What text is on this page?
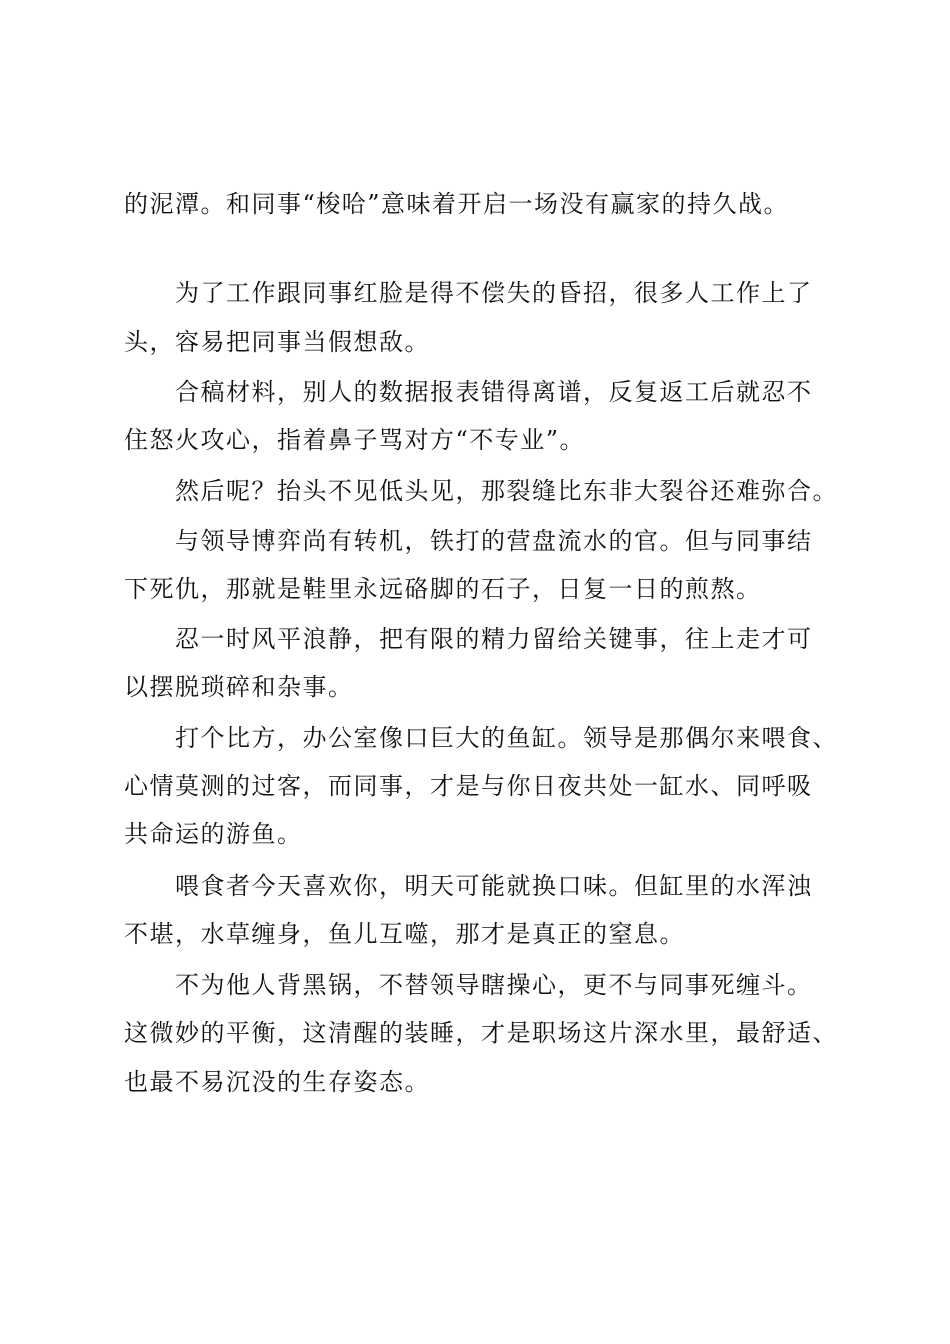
的泥潭。和同事“梭哈”意味着开启一场没有赢家的持久战。

为了工作跟同事红脸是得不偿失的昏招，很多人工作上了

头，容易把同事当假想敌。

合稿材料，别人的数据报表错得离谱，反复返工后就忍不

住怒火攻心，指着鼻子骂对方“不专业”。

然后呢？抬头不见低头见，那裂缝比东非大裂谷还难弥合。

与领导博弈尚有转机，铁打的营盘流水的官。但与同事结

下死仇，那就是鞋里永远硌脚的石子，日复一日的煎熬。

忍一时风平浪静，把有限的精力留给关键事，往上走才可

以摆脱琐碎和杂事。

打个比方，办公室像口巨大的鱼缸。领导是那偶尔来喂食、

心情莫测的过客，而同事，才是与你日夜共处一缸水、同呼吸

共命运的游鱼。

喂食者今天喜欢你，明天可能就换口味。但缸里的水浑浊

不堪，水草缠身，鱼儿互噬，那才是真正的窒息。

不为他人背黑锅，不替领导瞎操心，更不与同事死缠斗。

这微妙的平衡，这清醒的装睡，才是职场这片深水里，最舒适、

也最不易沉没的生存姿态。
